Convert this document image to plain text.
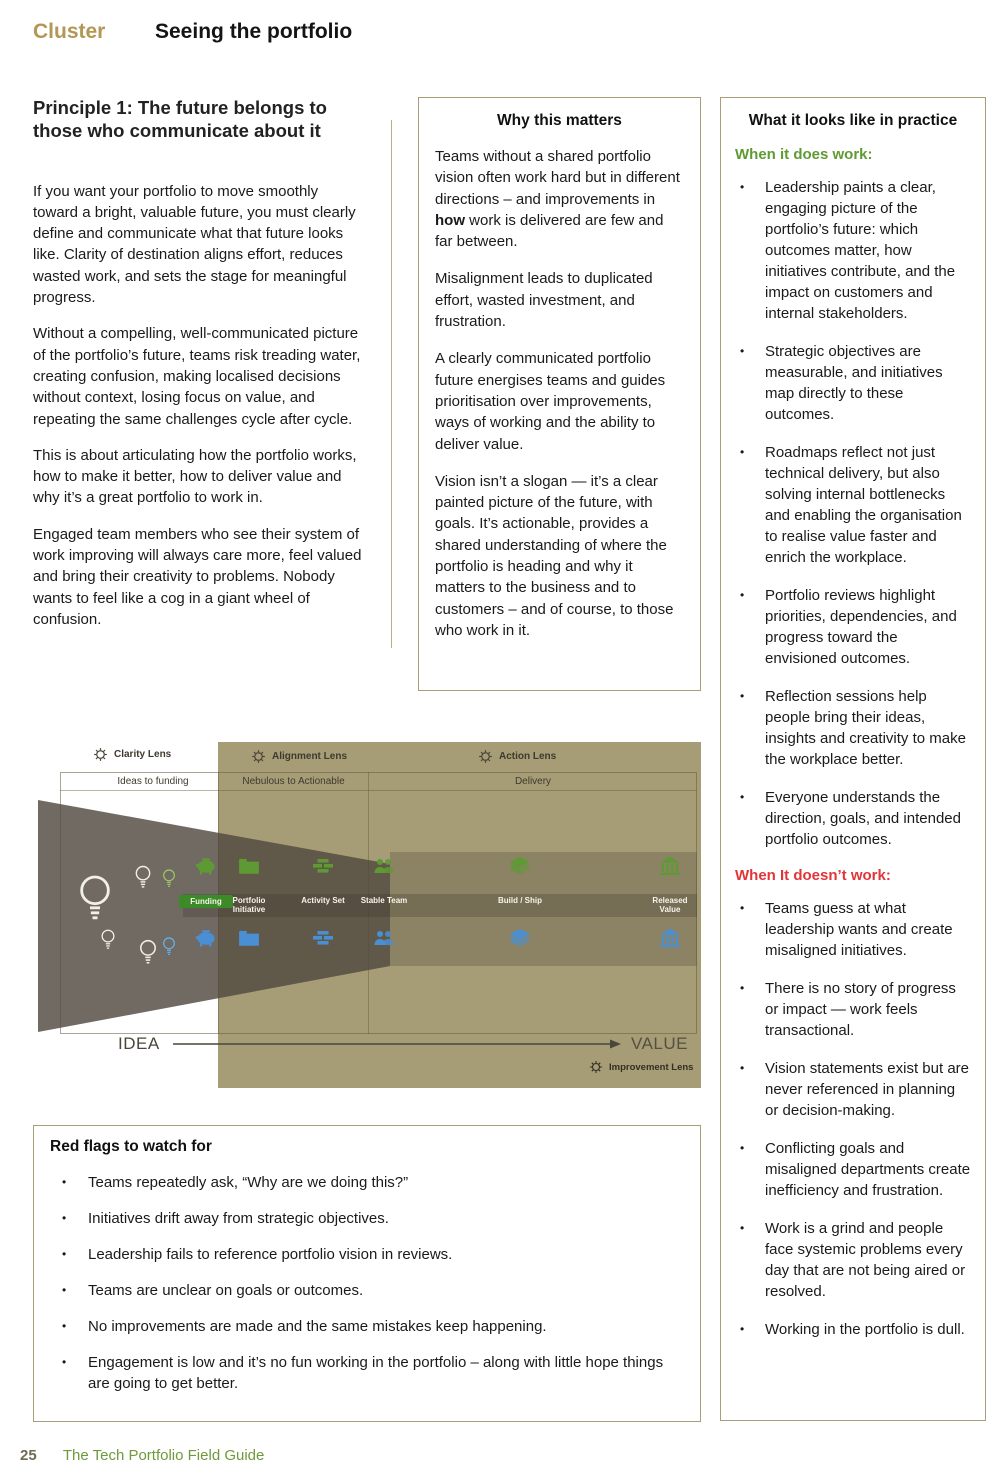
Cluster Seeing the portfolio
Principle 1: The future belongs to those who communicate about it

If you want your portfolio to move smoothly toward a bright, valuable future, you must clearly define and communicate what that future looks like. Clarity of destination aligns effort, reduces wasted work, and sets the stage for meaningful progress.

Without a compelling, well-communicated picture of the portfolio’s future, teams risk treading water, creating confusion, making localised decisions without context, losing focus on value, and repeating the same challenges cycle after cycle.

This is about articulating how the portfolio works, how to make it better, how to deliver value and why it’s a great portfolio to work in.

Engaged team members who see their system of work improving will always care more, feel valued and bring their creativity to problems. Nobody wants to feel like a cog in a giant wheel of confusion.

Why this matters

Teams without a shared portfolio vision often work hard but in different directions – and improvements in how work is delivered are few and far between.

Misalignment leads to duplicated effort, wasted investment, and frustration.

A clearly communicated portfolio future energises teams and guides prioritisation over improvements, ways of working and the ability to deliver value.

Vision isn’t a slogan — it’s a clear painted picture of the future, with goals. It’s actionable, provides a shared understanding of where the portfolio is heading and why it matters to the business and to customers – and of course, to those who work in it.

What it looks like in practice
When it does work:
•	Leadership paints a clear, engaging picture of the portfolio’s future: which outcomes matter, how initiatives contribute, and the impact on customers and internal stakeholders.
•	Strategic objectives are measurable, and initiatives map directly to these outcomes.
•	Roadmaps reflect not just technical delivery, but also solving internal bottlenecks and enabling the organisation to realise value faster and enrich the workplace.
•	Portfolio reviews highlight priorities, dependencies, and progress toward the envisioned outcomes.
•	Reflection sessions help people bring their ideas, insights and creativity to make the workplace better.
•	Everyone understands the direction, goals, and intended portfolio outcomes.
When It doesn’t work:
•	Teams guess at what leadership wants and create misaligned initiatives.
•	There is no story of progress or impact — work feels transactional.
•	Vision statements exist but are never referenced in planning or decision-making.
•	Conflicting goals and misaligned departments create inefficiency and frustration.
•	Work is a grind and people face systemic problems every day that are not being aired or resolved.
•	Working in the portfolio is dull.
Clarity Lens	Alignment Lens	Action Lens
Ideas to funding	Nebulous to Actionable	Delivery
Funding	Portfolio Initiative
Activity Set	Stable Team	Build / Ship	Released Value
IDEA	VALUE
Improvement Lens
Red flags to watch for
•	Teams repeatedly ask, “Why are we doing this?”
•	Initiatives drift away from strategic objectives.
•	Leadership fails to reference portfolio vision in reviews.
•	Teams are unclear on goals or outcomes.
•	No improvements are made and the same mistakes keep happening.
•	Engagement is low and it’s no fun working in the portfolio – along with little hope things are going to get better.
25 The Tech Portfolio Field Guide
